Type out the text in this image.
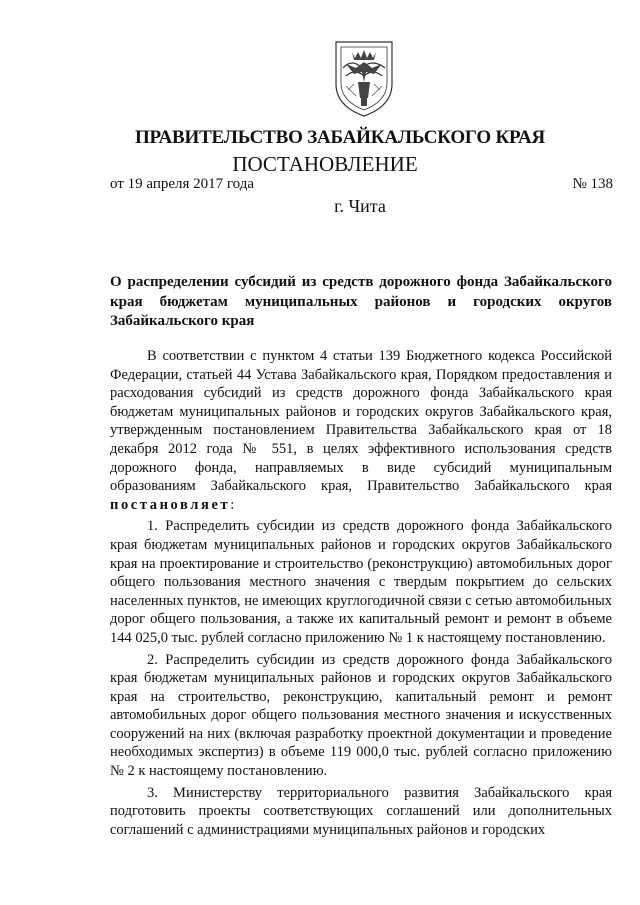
ПРАВИТЕЛЬСТВО ЗАБАЙКАЛЬСКОГО КРАЯ
ПОСТАНОВЛЕНИЕ
от 19 апреля 2017 года	№ 138
г. Чита

О распределении субсидий из средств дорожного фонда Забайкальского края бюджетам муниципальных районов и городских округов Забайкальского края

В соответствии с пунктом 4 статьи 139 Бюджетного кодекса Российской Федерации, статьей 44 Устава Забайкальского края, Порядком предоставления и расходования субсидий из средств дорожного фонда Забайкальского края бюджетам муниципальных районов и городских округов Забайкальского края, утвержденным постановлением Правительства Забайкальского края от 18 декабря 2012 года № 551, в целях эффективного использования средств дорожного фонда, направляемых в виде субсидий муниципальным образованиям Забайкальского края, Правительство Забайкальского края постановляет:

1. Распределить субсидии из средств дорожного фонда Забайкальского края бюджетам муниципальных районов и городских округов Забайкальского края на проектирование и строительство (реконструкцию) автомобильных дорог общего пользования местного значения с твердым покрытием до сельских населенных пунктов, не имеющих круглогодичной связи с сетью автомобильных дорог общего пользования, а также их капитальный ремонт и ремонт в объеме 144 025,0 тыс. рублей согласно приложению № 1 к настоящему постановлению.

2. Распределить субсидии из средств дорожного фонда Забайкальского края бюджетам муниципальных районов и городских округов Забайкальского края на строительство, реконструкцию, капитальный ремонт и ремонт автомобильных дорог общего пользования местного значения и искусственных сооружений на них (включая разработку проектной документации и проведение необходимых экспертиз) в объеме 119 000,0 тыс. рублей согласно приложению № 2 к настоящему постановлению.

3. Министерству территориального развития Забайкальского края подготовить проекты соответствующих соглашений или дополнительных соглашений с администрациями муниципальных районов и городских
